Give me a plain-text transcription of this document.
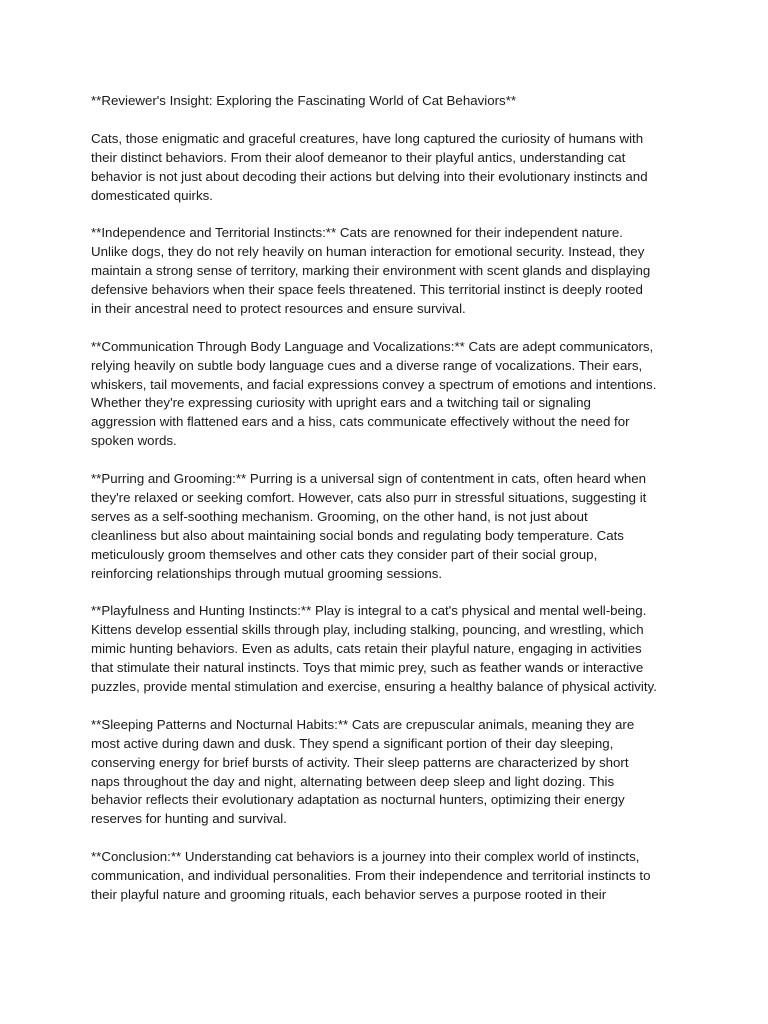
**Reviewer's Insight: Exploring the Fascinating World of Cat Behaviors**

Cats, those enigmatic and graceful creatures, have long captured the curiosity of humans with
their distinct behaviors. From their aloof demeanor to their playful antics, understanding cat
behavior is not just about decoding their actions but delving into their evolutionary instincts and
domesticated quirks.

**Independence and Territorial Instincts:** Cats are renowned for their independent nature.
Unlike dogs, they do not rely heavily on human interaction for emotional security. Instead, they
maintain a strong sense of territory, marking their environment with scent glands and displaying
defensive behaviors when their space feels threatened. This territorial instinct is deeply rooted
in their ancestral need to protect resources and ensure survival.

**Communication Through Body Language and Vocalizations:** Cats are adept communicators,
relying heavily on subtle body language cues and a diverse range of vocalizations. Their ears,
whiskers, tail movements, and facial expressions convey a spectrum of emotions and intentions.
Whether they're expressing curiosity with upright ears and a twitching tail or signaling
aggression with flattened ears and a hiss, cats communicate effectively without the need for
spoken words.

**Purring and Grooming:** Purring is a universal sign of contentment in cats, often heard when
they're relaxed or seeking comfort. However, cats also purr in stressful situations, suggesting it
serves as a self-soothing mechanism. Grooming, on the other hand, is not just about
cleanliness but also about maintaining social bonds and regulating body temperature. Cats
meticulously groom themselves and other cats they consider part of their social group,
reinforcing relationships through mutual grooming sessions.

**Playfulness and Hunting Instincts:** Play is integral to a cat's physical and mental well-being.
Kittens develop essential skills through play, including stalking, pouncing, and wrestling, which
mimic hunting behaviors. Even as adults, cats retain their playful nature, engaging in activities
that stimulate their natural instincts. Toys that mimic prey, such as feather wands or interactive
puzzles, provide mental stimulation and exercise, ensuring a healthy balance of physical activity.

**Sleeping Patterns and Nocturnal Habits:** Cats are crepuscular animals, meaning they are
most active during dawn and dusk. They spend a significant portion of their day sleeping,
conserving energy for brief bursts of activity. Their sleep patterns are characterized by short
naps throughout the day and night, alternating between deep sleep and light dozing. This
behavior reflects their evolutionary adaptation as nocturnal hunters, optimizing their energy
reserves for hunting and survival.

**Conclusion:** Understanding cat behaviors is a journey into their complex world of instincts,
communication, and individual personalities. From their independence and territorial instincts to
their playful nature and grooming rituals, each behavior serves a purpose rooted in their
